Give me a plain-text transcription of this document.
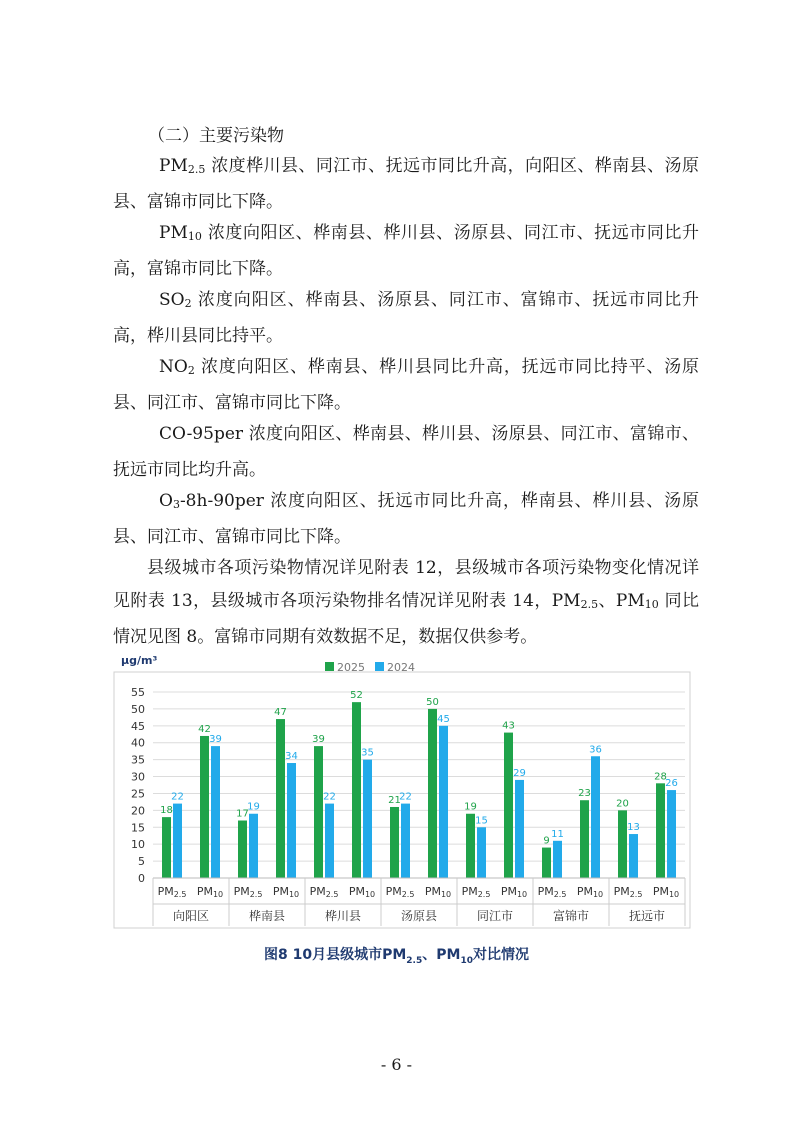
（二）主要污染物
$PM_{2.5}$ 浓度桦川县、同江市、抚远市同比升高，向阳区、桦南县、汤原县、富锦市同比下降。
$PM_{10}$ 浓度向阳区、桦南县、桦川县、汤原县、同江市、抚远市同比升高，富锦市同比下降。
$SO_2$ 浓度向阳区、桦南县、汤原县、同江市、富锦市、抚远市同比升高，桦川县同比持平。
$NO_2$ 浓度向阳区、桦南县、桦川县同比升高，抚远市同比持平、汤原县、同江市、富锦市同比下降。
CO-95per 浓度向阳区、桦南县、桦川县、汤原县、同江市、富锦市、抚远市同比均升高。
$O_3-8h-90per$ 浓度向阳区、抚远市同比升高，桦南县、桦川县、汤原县、同江市、富锦市同比下降。
县级城市各项污染物情况详见附表 12，县级城市各项污染物变化情况详见附表 13，县级城市各项污染物排名情况详见附表 14，$PM_{2.5}$、$PM_{10}$ 同比情况见图 8。富锦市同期有效数据不足，数据仅供参考。
μg/m³
2025 2024
0
5
10
15
20
25
30
35
40
45
50
55
18
22
PM2.5
42
39
PM10
17
19
PM2.5
47
34
PM10
39
22
PM2.5
52
35
PM10
21
22
PM2.5
50
45
PM10
19
15
PM2.5
43
29
PM10
9
11
PM2.5
23
36
PM10
20
13
PM2.5
28
26
PM10
向阳区	桦南县	桦川县	汤原县	同江市	富锦市	抚远市
图8 10月县级城市$PM_{2.5}$、$PM_{10}$对比情况
- 6 -
